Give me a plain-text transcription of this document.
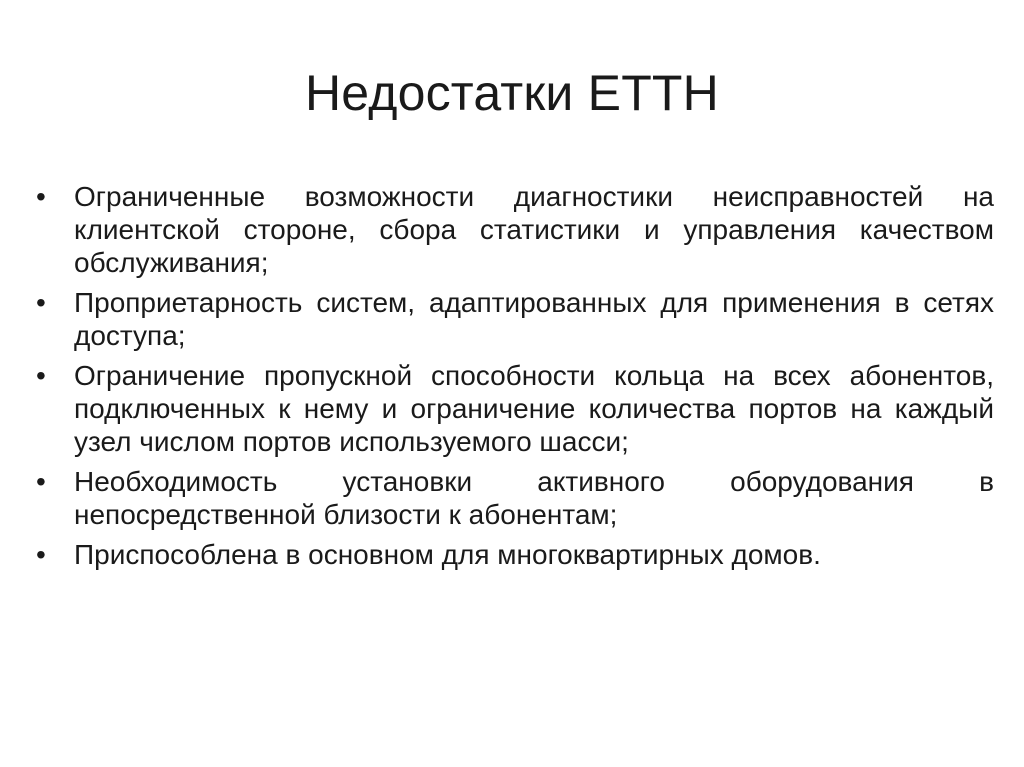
Недостатки ETTH
•	Ограниченные возможности диагностики неисправностей на клиентской стороне, сбора статистики и управления качеством обслуживания;
•	Проприетарность систем, адаптированных для применения в сетях доступа;
•	Ограничение пропускной способности кольца на всех абонентов, подключенных к нему и ограничение количества портов на каждый узел числом портов используемого шасси;
•	Необходимость установки активного оборудования в непосредственной близости к абонентам;
•	Приспособлена в основном для многоквартирных домов.
